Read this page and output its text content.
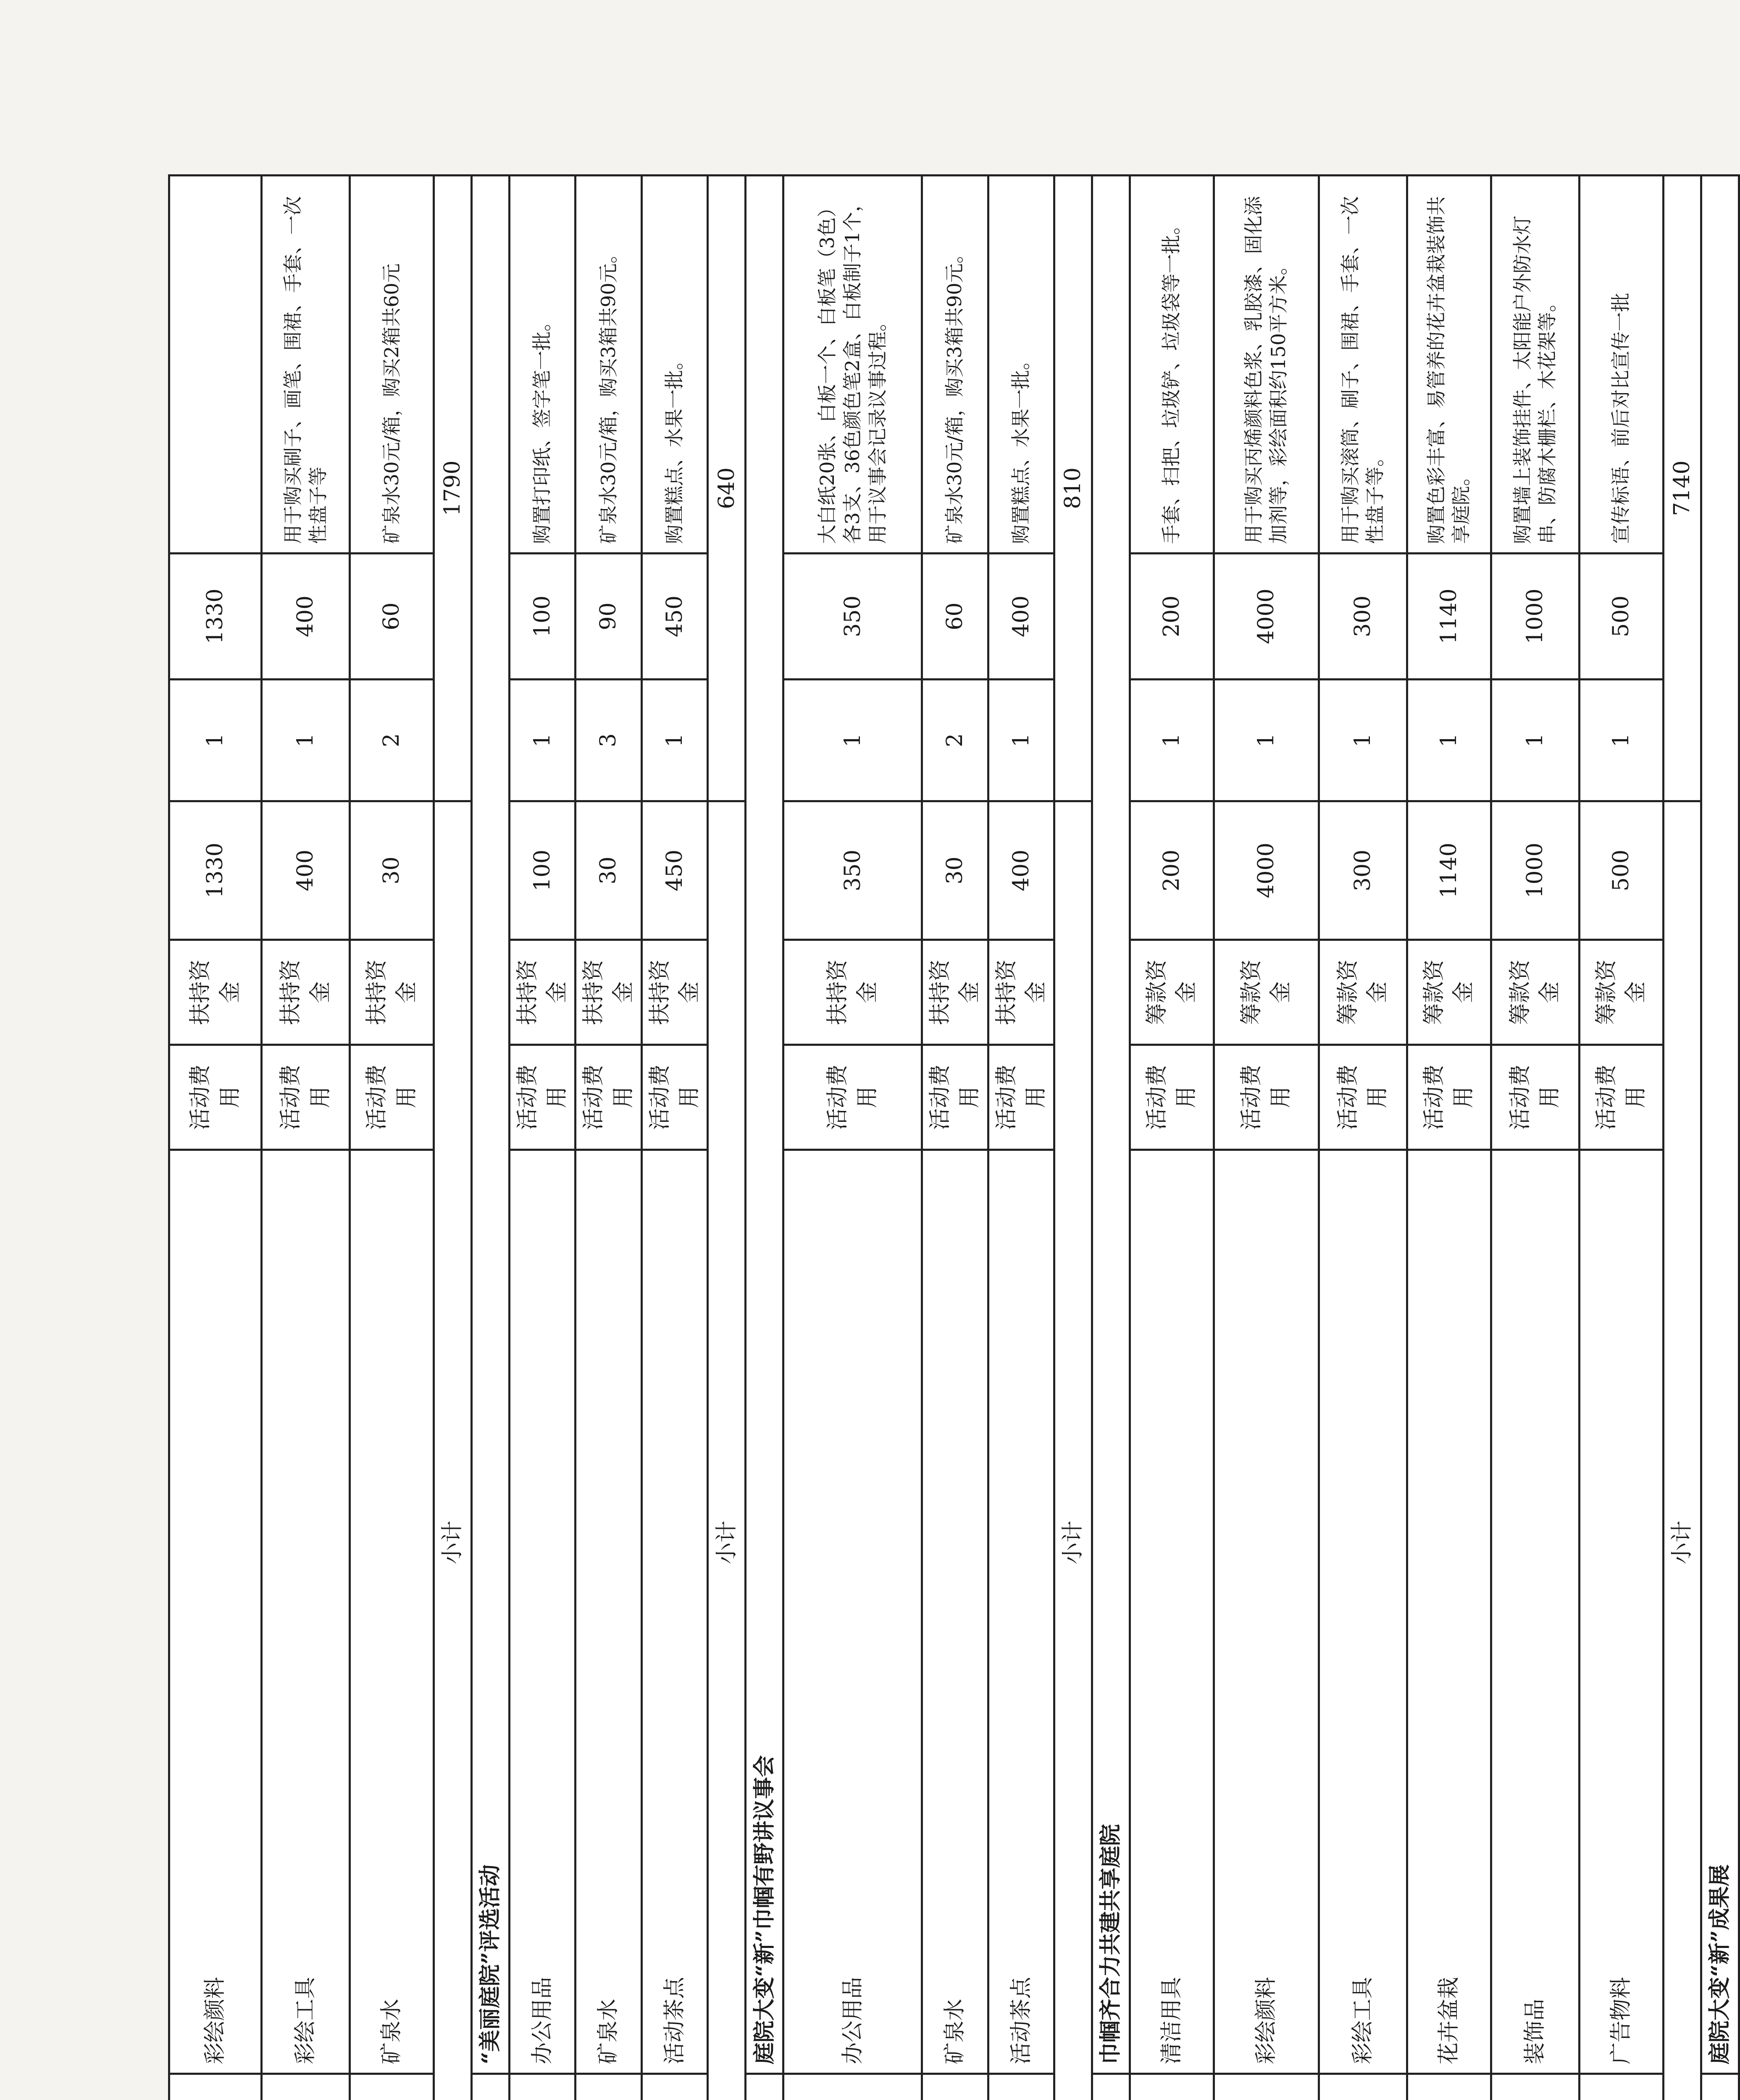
	彩绘颜料	活动费用	扶持资金	1330	1	1330	
	彩绘工具	活动费用	扶持资金	400	1	400	用于购买刷子、画笔、围裙、手套、一次性盘子等
	矿泉水	活动费用	扶持资金	30	2	60	矿泉水30元/箱，购买2箱共60元
小计					1790		
	“美丽庭院”评选活动						
	办公用品	活动费用	扶持资金	100	1	100	购置打印纸、签字笔一批。
	矿泉水	活动费用	扶持资金	30	3	90	矿泉水30元/箱，购买3箱共90元。
	活动茶点	活动费用	扶持资金	450	1	450	购置糕点、水果一批。
小计					640		
	庭院大变“新”巾帼有野讲议事会						
	办公用品	活动费用	扶持资金	350	1	350	大白纸20张、白板一个、白板笔（3色）各3支、36色颜色笔2盒、白板制子1个，用于议事会记录议事过程。
	矿泉水	活动费用	扶持资金	30	2	60	矿泉水30元/箱，购买3箱共90元。
	活动茶点	活动费用	扶持资金	400	1	400	购置糕点、水果一批。
小计					810		
	巾帼齐合力共建共享庭院						
	清洁用具	活动费用	筹款资金	200	1	200	手套、扫把、垃圾铲、垃圾袋等一批。
	彩绘颜料	活动费用	筹款资金	4000	1	4000	用于购买丙烯颜料色浆、乳胶漆、固化添加剂等，彩绘面积约150平方米。
	彩绘工具	活动费用	筹款资金	300	1	300	用于购买滚筒、刷子、围裙、手套、一次性盘子等。
	花卉盆栽	活动费用	筹款资金	1140	1	1140	购置色彩丰富、易管养的花卉盆栽装饰共享庭院。
	装饰品	活动费用	筹款资金	1000	1	1000	购置墙上装饰挂件、太阳能户外防水灯串、防腐木栅栏、木花架等。
	广告物料	活动费用	筹款资金	500	1	500	宣传标语、前后对比宣传一批
小计					7140		
	庭院大变“新”成果展						
